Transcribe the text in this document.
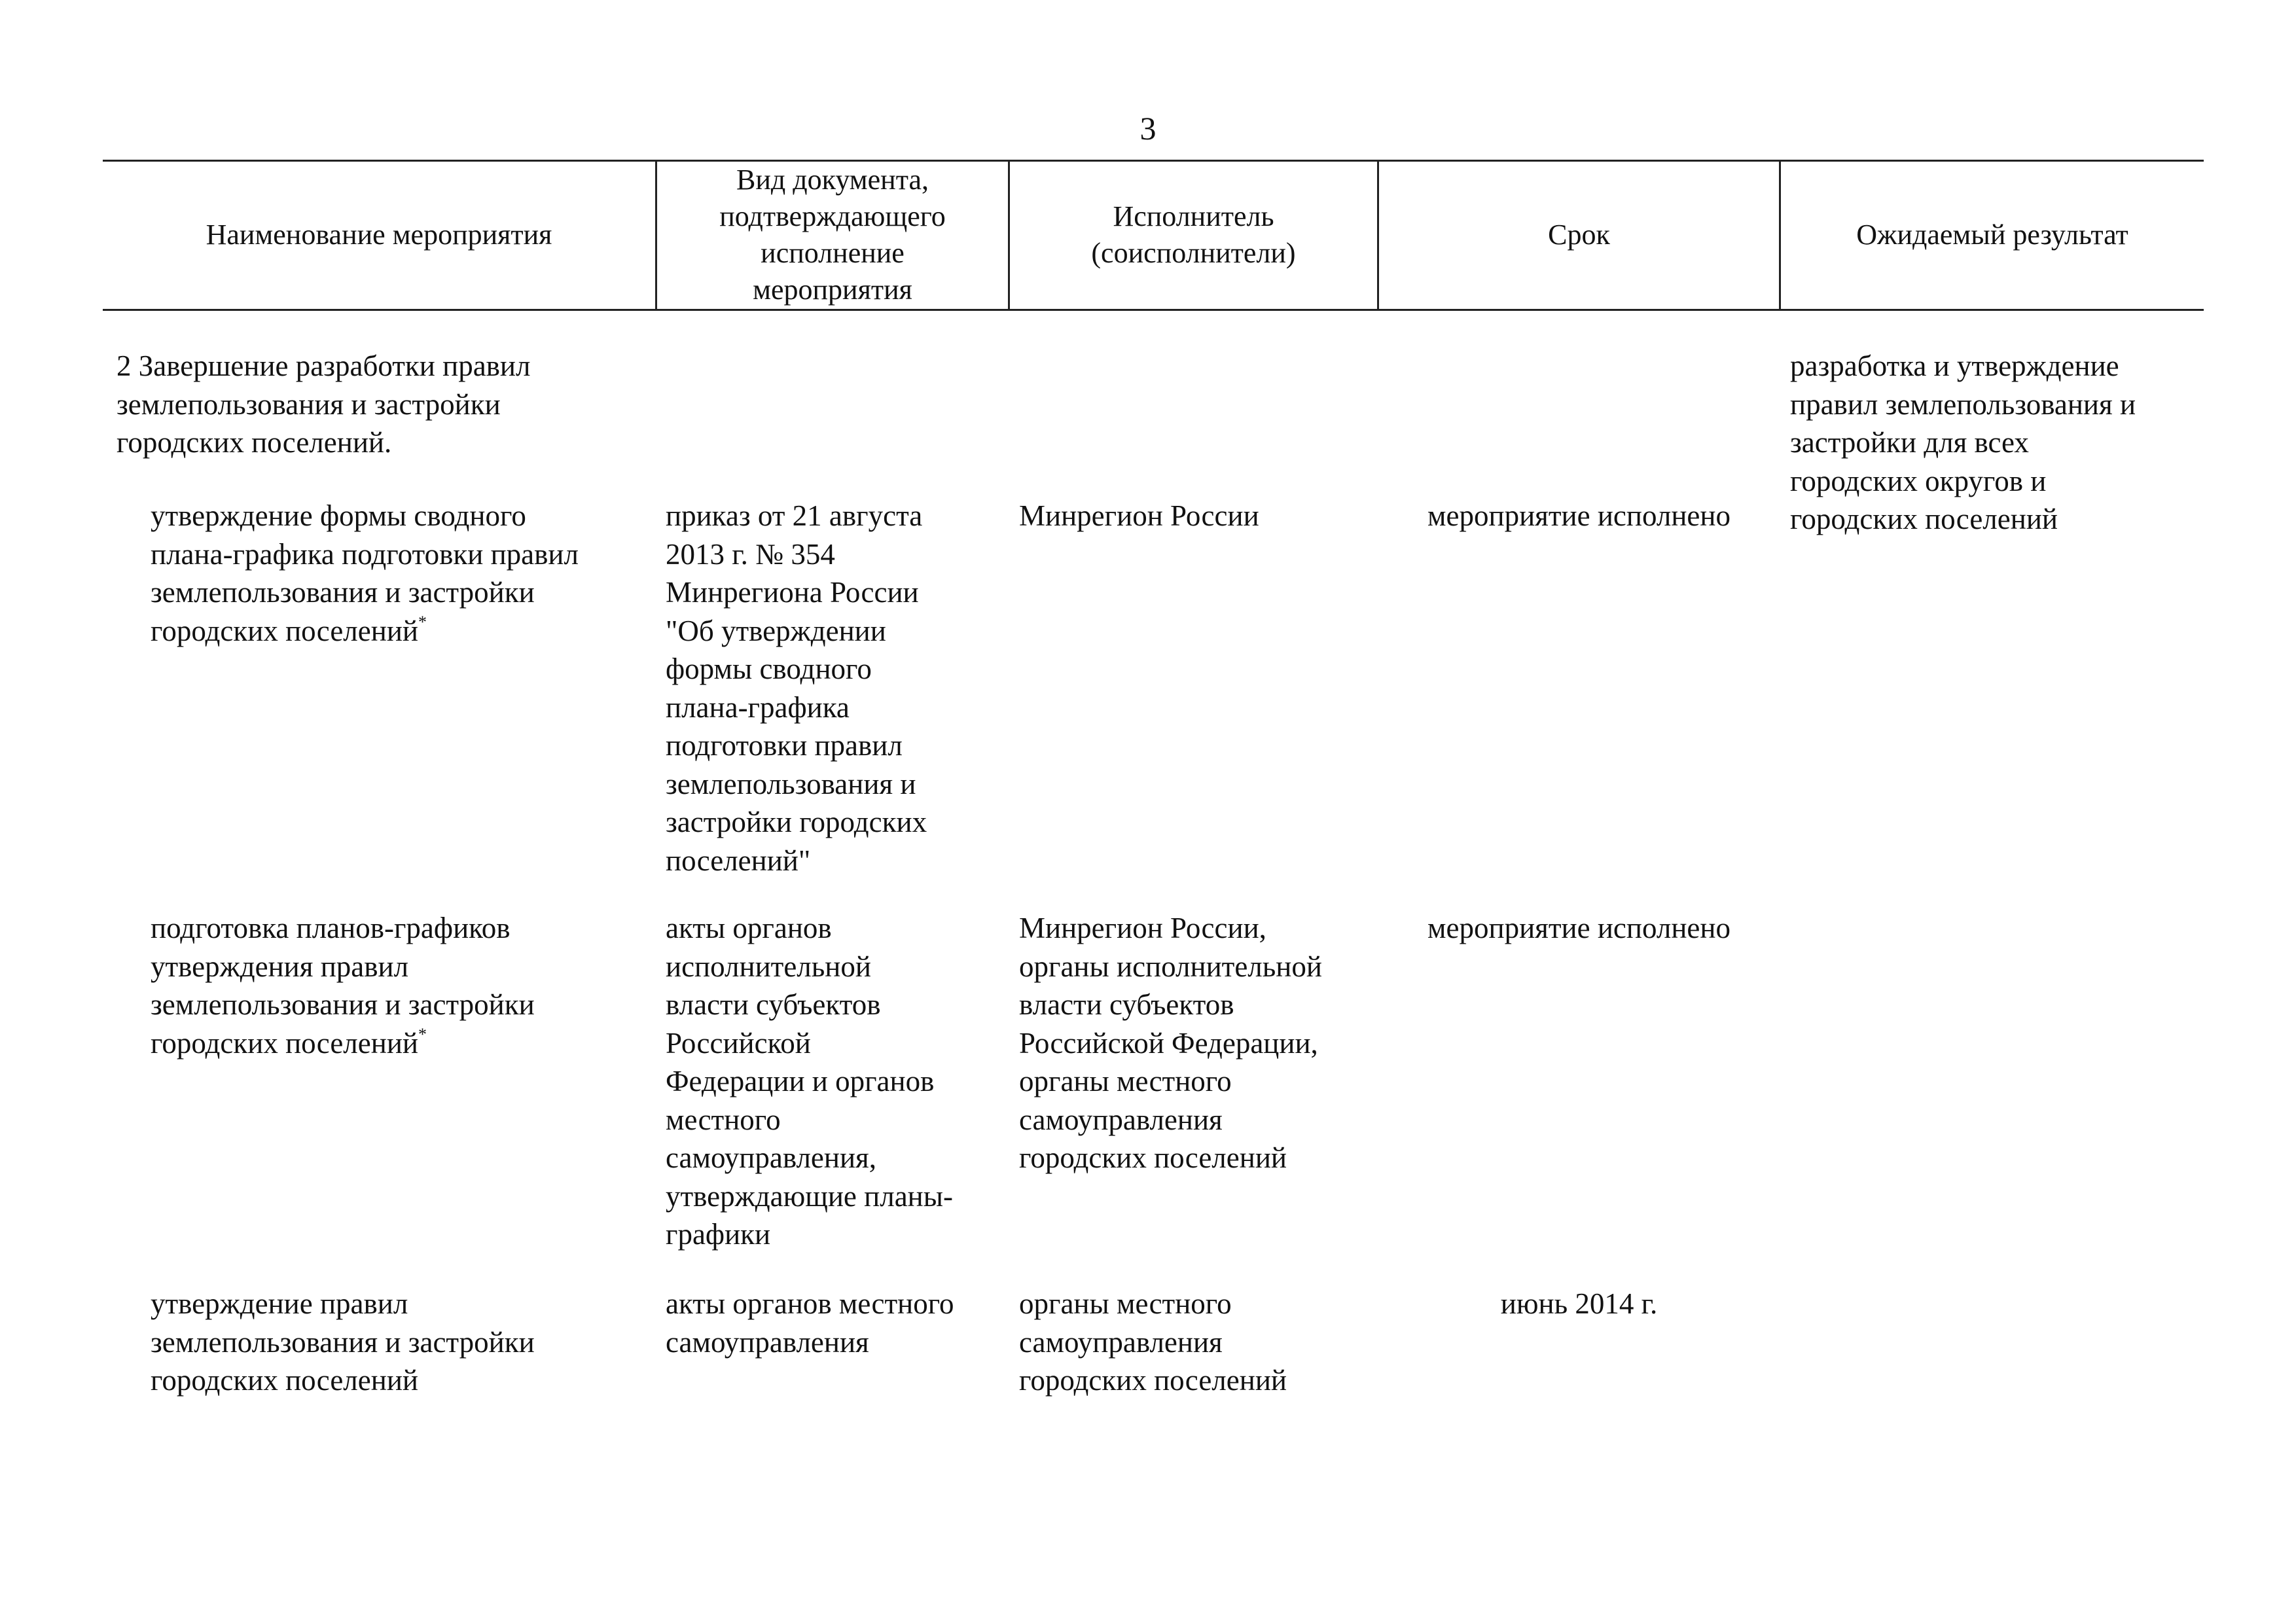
3
Наименование мероприятия
Вид документа,
подтверждающего
исполнение
мероприятия
Исполнитель
(соисполнители)
Срок	Ожидаемый результат
2 Завершение разработки правил
землепользования и застройки
городских поселений.
разработка и утверждение
правил землепользования и
застройки для всех
городских округов и
городских поселений
утверждение формы сводного
плана-графика подготовки правил
землепользования и застройки
городских поселений*
приказ от 21 августа
2013 г. № 354
Минрегиона России
"Об утверждении
формы сводного
плана-графика
подготовки правил
землепользования и
застройки городских
поселений"
Минрегион России	мероприятие исполнено
подготовка планов-графиков
утверждения правил
землепользования и застройки
городских поселений*
акты органов
исполнительной
власти субъектов
Российской
Федерации и органов
местного
самоуправления,
утверждающие планы-
графики
Минрегион России,
органы исполнительной
власти субъектов
Российской Федерации,
органы местного
самоуправления
городских поселений
мероприятие исполнено
утверждение правил
землепользования и застройки
городских поселений
акты органов местного
самоуправления
органы местного
самоуправления
городских поселений
июнь 2014 г.
